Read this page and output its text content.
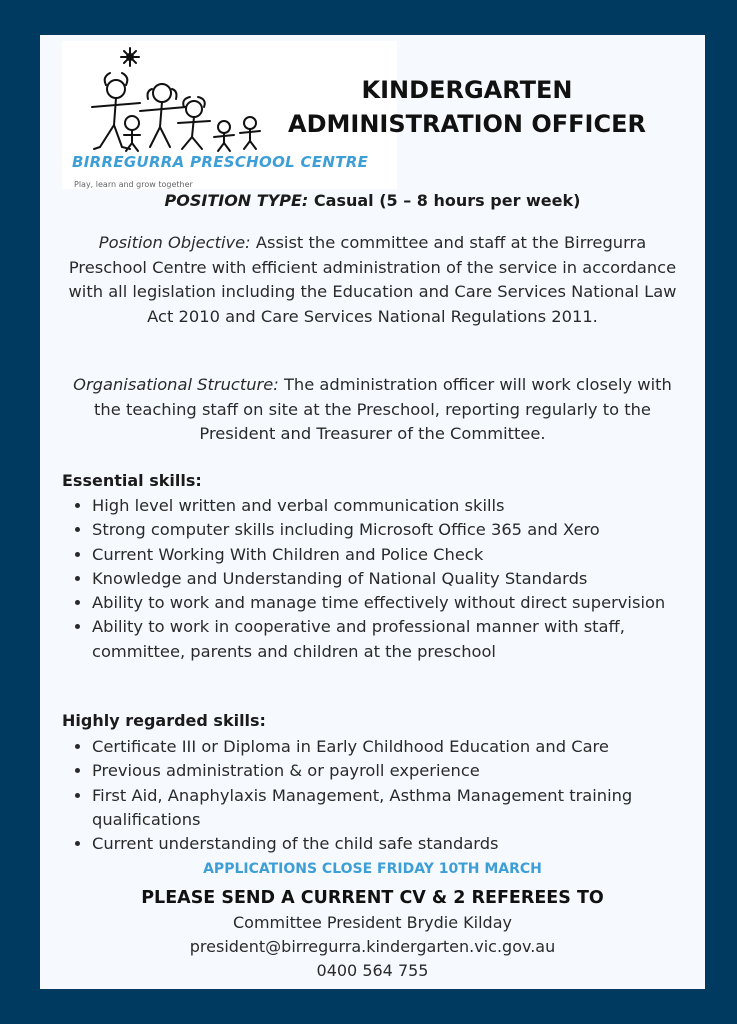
BIRREGURRA PRESCHOOL CENTRE
Play, learn and grow together
KINDERGARTEN
ADMINISTRATION OFFICER
POSITION TYPE: Casual (5 – 8 hours per week)
Position Objective: Assist the committee and staff at the Birregurra Preschool Centre with efficient administration of the service in accordance with all legislation including the Education and Care Services National Law Act 2010 and Care Services National Regulations 2011.
Organisational Structure: The administration officer will work closely with the teaching staff on site at the Preschool, reporting regularly to the President and Treasurer of the Committee.
Essential skills:
• High level written and verbal communication skills
• Strong computer skills including Microsoft Office 365 and Xero
• Current Working With Children and Police Check
• Knowledge and Understanding of National Quality Standards
• Ability to work and manage time effectively without direct supervision
• Ability to work in cooperative and professional manner with staff, committee, parents and children at the preschool
Highly regarded skills:
• Certificate III or Diploma in Early Childhood Education and Care
• Previous administration & or payroll experience
• First Aid, Anaphylaxis Management, Asthma Management training qualifications
• Current understanding of the child safe standards
APPLICATIONS CLOSE FRIDAY 10TH MARCH
PLEASE SEND A CURRENT CV & 2 REFEREES TO
Committee President Brydie Kilday
president@birregurra.kindergarten.vic.gov.au
0400 564 755
